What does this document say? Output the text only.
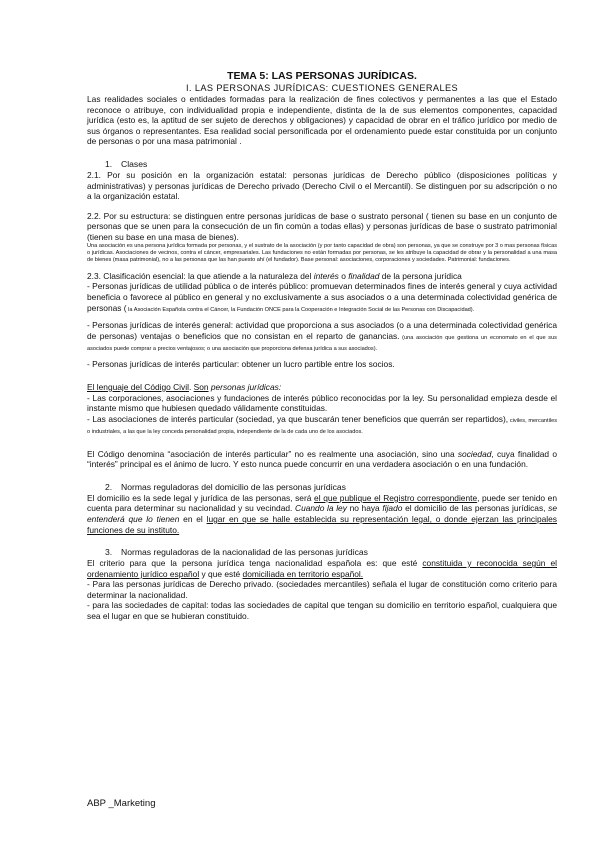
TEMA 5: LAS PERSONAS JURÍDICAS.

I. LAS PERSONAS JURÍDICAS: CUESTIONES GENERALES

Las realidades sociales o entidades formadas para la realización de fines colectivos y permanentes a las que el Estado reconoce o atribuye, con individualidad propia e independiente, distinta de la de sus elementos componentes, capacidad jurídica (esto es, la aptitud de ser sujeto de derechos y obligaciones) y capacidad de obrar en el tráfico jurídico por medio de sus órganos o representantes. Esa realidad social personificada por el ordenamiento puede estar constituida por un conjunto de personas o por una masa patrimonial .

1. Clases

2.1. Por su posición en la organización estatal: personas jurídicas de Derecho público (disposiciones políticas y administrativas) y personas jurídicas de Derecho privado (Derecho Civil o el Mercantil). Se distinguen por su adscripción o no a la organización estatal.

2.2. Por su estructura: se distinguen entre personas jurídicas de base o sustrato personal ( tienen su base en un conjunto de personas que se unen para la consecución de un fin común a todas ellas) y personas jurídicas de base o sustrato patrimonial (tienen su base en una masa de bienes).

Una asociación es una persona jurídica formada por personas, y el sustrato de la asociación (y por tanto capacidad de obra) son personas, ya que se construye por 3 o mas personas físicas o jurídicas. Asociaciones de vecinos, contra el cáncer, empresariales. Las fundaciones no están formadas por personas, se les atribuye la capacidad de obrar y la personalidad a una masa de bienes (masa patrimonial), no a las personas que las han puesto ahí (el fundador). Base personal: asociaciones, corporaciones y sociedades. Patrimonial: fundaciones.

2.3. Clasificación esencial: la que atiende a la naturaleza del interés o finalidad de la persona jurídica

- Personas jurídicas de utilidad pública o de interés público: promuevan determinados fines de interés general y cuya actividad beneficia o favorece al público en general y no exclusivamente a sus asociados o a una determinada colectividad genérica de personas ( la Asociación Española contra el Cáncer, la Fundación ONCE para la Cooperación e Integración Social de las Personas con Discapacidad).

- Personas jurídicas de interés general: actividad que proporciona a sus asociados (o a una determinada colectividad genérica de personas) ventajas o beneficios que no consistan en el reparto de ganancias. (una asociación que gestiona un economato en el que sus asociados puede comprar a precios ventajosos; o una asociación que proporciona defensa jurídica a sus asociados).

- Personas jurídicas de interés particular: obtener un lucro partible entre los socios.

El lenguaje del Código Civil. Son personas jurídicas:

- Las corporaciones, asociaciones y fundaciones de interés público reconocidas por la ley. Su personalidad empieza desde el instante mismo que hubiesen quedado válidamente constituidas.

- Las asociaciones de interés particular (sociedad, ya que buscarán tener beneficios que querrán ser repartidos), civiles, mercantiles o industriales, a las que la ley conceda personalidad propia, independiente de la de cada uno de los asociados.

El Código denomina “asociación de interés particular” no es realmente una asociación, sino una sociedad, cuya finalidad o “interés” principal es el ánimo de lucro. Y esto nunca puede concurrir en una verdadera asociación o en una fundación.

2. Normas reguladoras del domicilio de las personas jurídicas

El domicilio es la sede legal y jurídica de las personas, será el que publique el Registro correspondiente, puede ser tenido en cuenta para determinar su nacionalidad y su vecindad. Cuando la ley no haya fijado el domicilio de las personas jurídicas, se entenderá que lo tienen en el lugar en que se halle establecida su representación legal, o donde ejerzan las principales funciones de su instituto.

3. Normas reguladoras de la nacionalidad de las personas jurídicas

El criterio para que la persona jurídica tenga nacionalidad española es: que esté constituida y reconocida según el ordenamiento jurídico español y que esté domiciliada en territorio español.

- Para las personas jurídicas de Derecho privado. (sociedades mercantiles) señala el lugar de constitución como criterio para determinar la nacionalidad.

- para las sociedades de capital: todas las sociedades de capital que tengan su domicilio en territorio español, cualquiera que sea el lugar en que se hubieran constituido.

ABP _Marketing
